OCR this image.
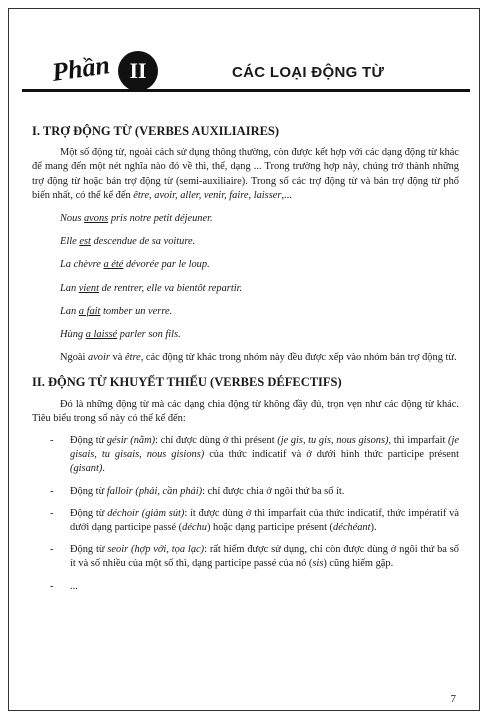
Phần II	CÁC LOẠI ĐỘNG TỪ
I. TRỢ ĐỘNG TỪ (VERBES AUXILIAIRES)

Một số động từ, ngoài cách sử dụng thông thường, còn được kết hợp với các dạng động từ khác để mang đến một nét nghĩa nào đó về thì, thể, dạng ... Trong trường hợp này, chúng trở thành những trợ động từ hoặc bán trợ động từ (semi-auxiliaire). Trong số các trợ động từ và bán trợ động từ phổ biến nhất, có thể kể đến être, avoir, aller, venir, faire, laisser,...

Nous avons pris notre petit déjeuner.

Elle est descendue de sa voiture.

La chèvre a été dévorée par le loup.

Lan vient de rentrer, elle va bientôt repartir.

Lan a fait tomber un verre.

Hùng a laissé parler son fils.

Ngoài avoir và être, các động từ khác trong nhóm này đều được xếp vào nhóm bán trợ động từ.

II. ĐỘNG TỪ KHUYẾT THIẾU (VERBES DÉFECTIFS)

Đó là những động từ mà các dạng chia động từ không đầy đủ, trọn vẹn như các động từ khác. Tiêu biểu trong số này có thể kể đến:

- Động từ gésir (nằm): chỉ được dùng ở thì présent (je gis, tu gis, nous gisons), thì imparfait (je gisais, tu gisais, nous gisions) của thức indicatif và ở dưới hình thức participe présent (gisant).
- Động từ falloir (phải, cần phải): chỉ được chia ở ngôi thứ ba số ít.
- Động từ déchoir (giảm sút): ít được dùng ở thì imparfait của thức indicatif, thức impératif và dưới dạng participe passé (déchu) hoặc dạng participe présent (déchéant).
- Động từ seoir (hợp với, tọa lạc): rất hiếm được sử dụng, chỉ còn được dùng ở ngôi thứ ba số ít và số nhiều của một số thì, dạng participe passé của nó (sis) cũng hiếm gặp.
- ...
7
